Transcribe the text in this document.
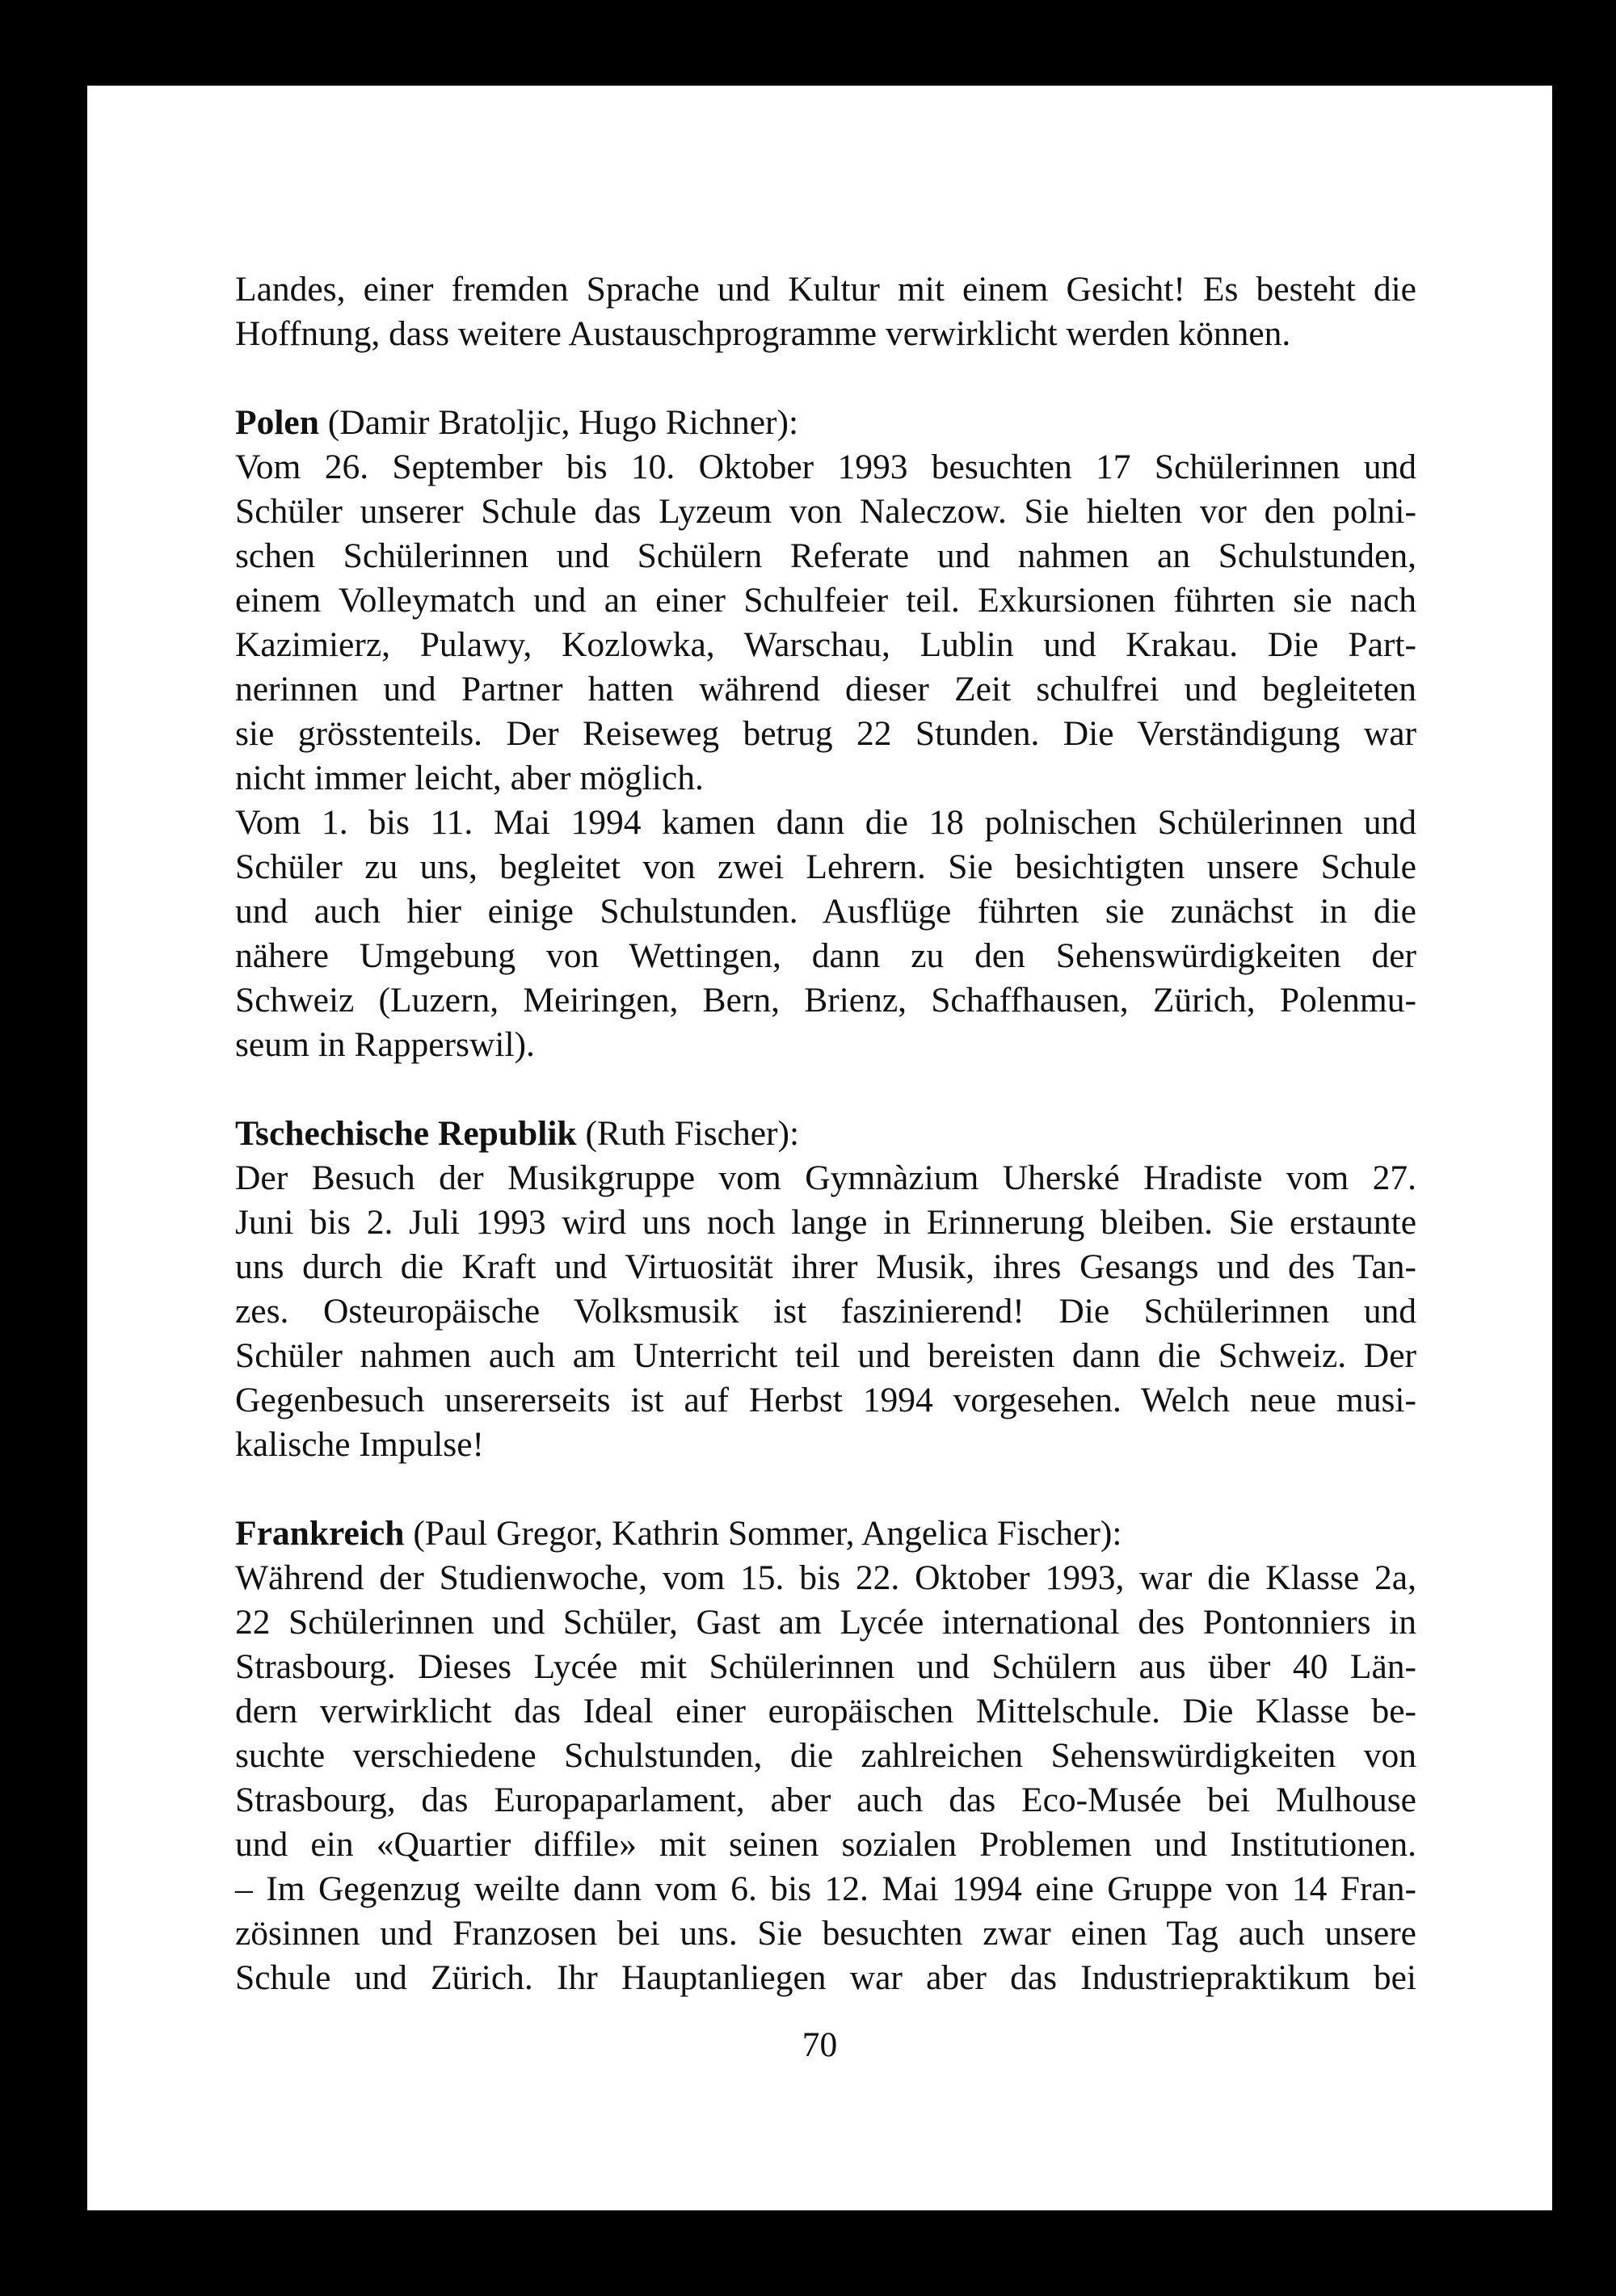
Landes, einer fremden Sprache und Kultur mit einem Gesicht! Es besteht die
Hoffnung, dass weitere Austauschprogramme verwirklicht werden können.
Polen (Damir Bratoljic, Hugo Richner):
Vom 26. September bis 10. Oktober 1993 besuchten 17 Schülerinnen und
Schüler unserer Schule das Lyzeum von Naleczow. Sie hielten vor den polni-
schen Schülerinnen und Schülern Referate und nahmen an Schulstunden,
einem Volleymatch und an einer Schulfeier teil. Exkursionen führten sie nach
Kazimierz, Pulawy, Kozlowka, Warschau, Lublin und Krakau. Die Part-
nerinnen und Partner hatten während dieser Zeit schulfrei und begleiteten
sie grösstenteils. Der Reiseweg betrug 22 Stunden. Die Verständigung war
nicht immer leicht, aber möglich.
Vom 1. bis 11. Mai 1994 kamen dann die 18 polnischen Schülerinnen und
Schüler zu uns, begleitet von zwei Lehrern. Sie besichtigten unsere Schule
und auch hier einige Schulstunden. Ausflüge führten sie zunächst in die
nähere Umgebung von Wettingen, dann zu den Sehenswürdigkeiten der
Schweiz (Luzern, Meiringen, Bern, Brienz, Schaffhausen, Zürich, Polenmu-
seum in Rapperswil).
Tschechische Republik (Ruth Fischer):
Der Besuch der Musikgruppe vom Gymnàzium Uherské Hradiste vom 27.
Juni bis 2. Juli 1993 wird uns noch lange in Erinnerung bleiben. Sie erstaunte
uns durch die Kraft und Virtuosität ihrer Musik, ihres Gesangs und des Tan-
zes. Osteuropäische Volksmusik ist faszinierend! Die Schülerinnen und
Schüler nahmen auch am Unterricht teil und bereisten dann die Schweiz. Der
Gegenbesuch unsererseits ist auf Herbst 1994 vorgesehen. Welch neue musi-
kalische Impulse!
Frankreich (Paul Gregor, Kathrin Sommer, Angelica Fischer):
Während der Studienwoche, vom 15. bis 22. Oktober 1993, war die Klasse 2a,
22 Schülerinnen und Schüler, Gast am Lycée international des Pontonniers in
Strasbourg. Dieses Lycée mit Schülerinnen und Schülern aus über 40 Län-
dern verwirklicht das Ideal einer europäischen Mittelschule. Die Klasse be-
suchte verschiedene Schulstunden, die zahlreichen Sehenswürdigkeiten von
Strasbourg, das Europaparlament, aber auch das Eco-Musée bei Mulhouse
und ein «Quartier diffile» mit seinen sozialen Problemen und Institutionen.
– Im Gegenzug weilte dann vom 6. bis 12. Mai 1994 eine Gruppe von 14 Fran-
zösinnen und Franzosen bei uns. Sie besuchten zwar einen Tag auch unsere
Schule und Zürich. Ihr Hauptanliegen war aber das Industriepraktikum bei
70
